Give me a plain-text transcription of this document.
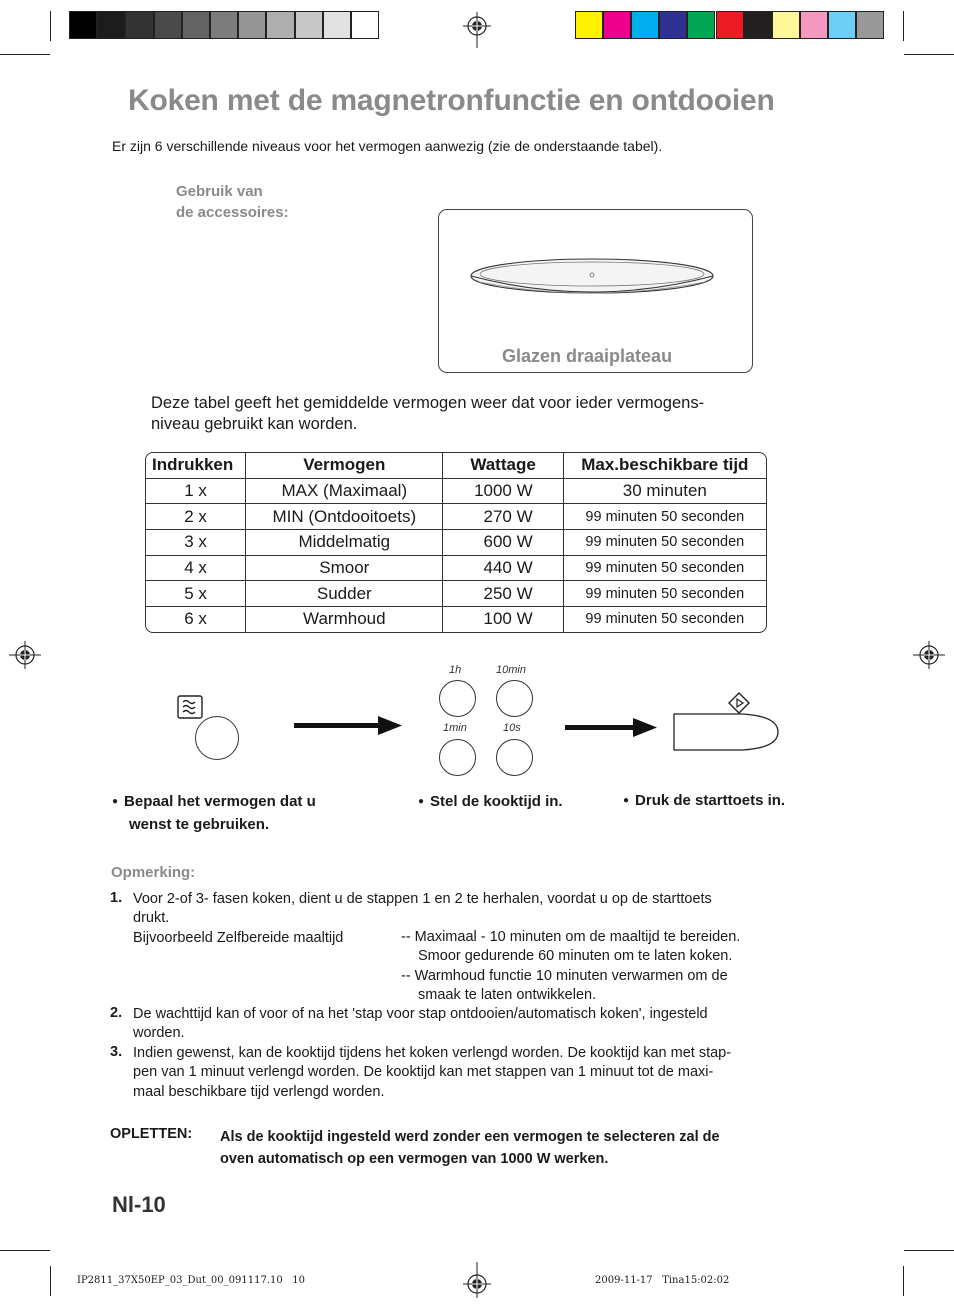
Koken met de magnetronfunctie en ontdooien
Er zijn 6 verschillende niveaus voor het vermogen aanwezig (zie de onderstaande tabel).
Gebruik van
de accessoires:
Glazen draaiplateau
Deze tabel geeft het gemiddelde vermogen weer dat voor ieder vermogens-
niveau gebruikt kan worden.
Indrukken	Vermogen	Wattage	Max.beschikbare tijd
1 x	MAX (Maximaal)	1000 W	30 minuten
2 x	MIN (Ontdooitoets)	270 W	99 minuten 50 seconden
3 x	Middelmatig	600 W	99 minuten 50 seconden
4 x	Smoor	440 W	99 minuten 50 seconden
5 x	Sudder	250 W	99 minuten 50 seconden
6 x	Warmhoud	100 W	99 minuten 50 seconden
1h	10min
1min	10s
● Bepaal het vermogen dat u
wenst te gebruiken.
● Stel de kooktijd in.	● Druk de starttoets in.
Opmerking:
1. Voor 2-of 3- fasen koken, dient u de stappen 1 en 2 te herhalen, voordat u op de starttoets
drukt.
Bijvoorbeeld Zelfbereide maaltijd	-- Maximaal - 10 minuten om de maaltijd te bereiden.
Smoor gedurende 60 minuten om te laten koken.
-- Warmhoud functie 10 minuten verwarmen om de
smaak te laten ontwikkelen.
2. De wachttijd kan of voor of na het 'stap voor stap ontdooien/automatisch koken', ingesteld
worden.
3. Indien gewenst, kan de kooktijd tijdens het koken verlengd worden. De kooktijd kan met stap-
pen van 1 minuut verlengd worden. De kooktijd kan met stappen van 1 minuut tot de maxi-
maal beschikbare tijd verlengd worden.
OPLETTEN: Als de kooktijd ingesteld werd zonder een vermogen te selecteren zal de
oven automatisch op een vermogen van 1000 W werken.
Nl-10
IP2811_37X50EP_03_Dut_00_091117.10   10	2009-11-17   Tina15:02:02
